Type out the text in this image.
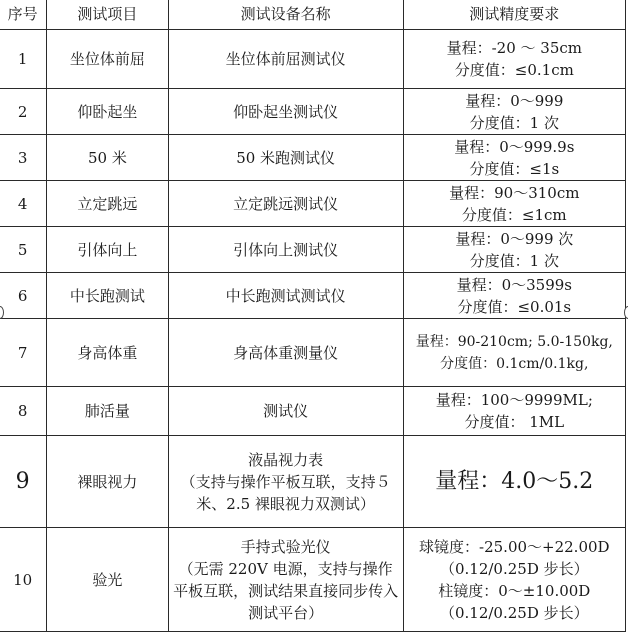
序号	测试项目	测试设备名称	测试精度要求
1	坐位体前屈	坐位体前屈测试仪	量程：-20 ～ 35cm
分度值：≤0.1cm

2	仰卧起坐	仰卧起坐测试仪	量程：0～999
分度值：1 次

3	50 米	50 米跑测试仪	量程：0～999.9s
分度值：≤1s

4	立定跳远	立定跳远测试仪	量程：90～310cm
分度值：≤1cm

5	引体向上	引体向上测试仪	量程：0～999 次
分度值：1 次

6	中长跑测试	中长跑测试测试仪	量程：0～3599s
分度值：≤0.01s

7	身高体重	身高体重测量仪	量程：90-210cm; 5.0-150kg,
分度值：0.1cm/0.1kg,

8	肺活量	测试仪	量程：100～9999ML;
分度值： 1ML

9	裸眼视力	液晶视力表
（支持与操作平板互联，支持５米、2.5 裸眼视力双测试）	量程：4.0～5.2

10	验光	手持式验光仪
（无需 220V 电源，支持与操作平板互联，测试结果直接同步传入测试平台）	球镜度：-25.00～+22.00D
（0.12/0.25D 步长）
柱镜度：0～±10.00D
（0.12/0.25D 步长）
